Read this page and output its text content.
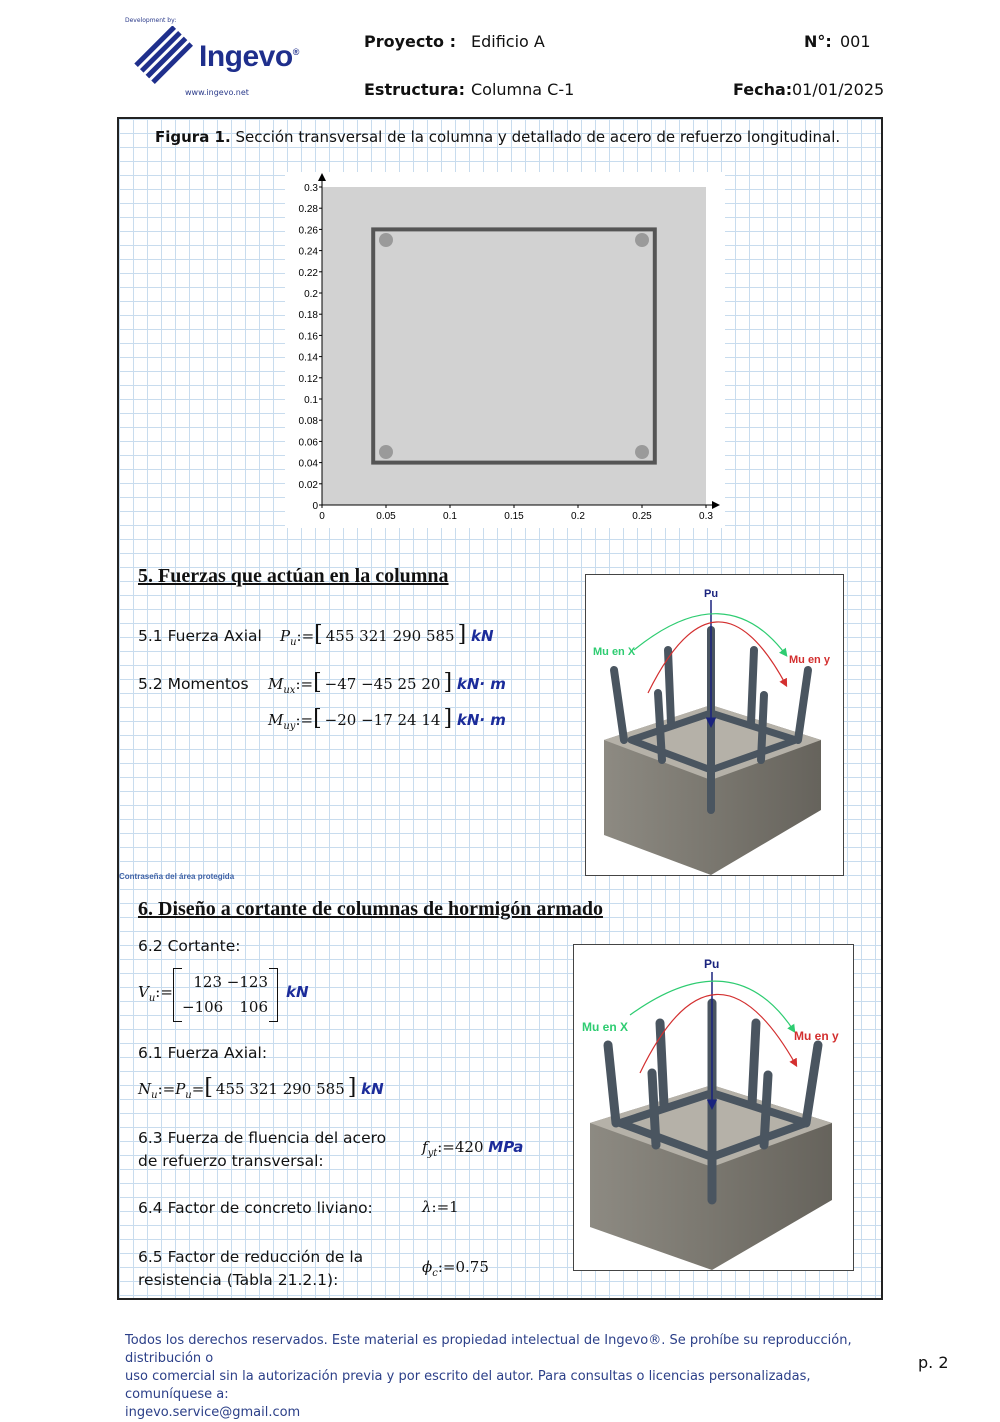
Development by:
Ingevo®
www.ingevo.net
Proyecto : Edificio A
Estructura: Columna C-1
N°: 001
Fecha: 01/01/2025
Figura 1. Sección transversal de la columna y detallado de acero de refuerzo longitudinal.
0	0.05	0.1	0.15	0.2	0.25	0.3
0
0.02
0.04
0.06
0.08
0.1
0.12
0.14
0.16
0.18
0.2
0.22
0.24
0.26
0.28
0.3
5. Fuerzas que actúan en la columna
5.1 Fuerza Axial $P_u:=$[ 455 321 290 585 ] kN
5.2 Momentos $M_{ux}:=[ -47 -45$ 25 20 ] kN· m
$M_{uy}:=[ -20 -17$ 24 14 ] kN· m
Pu
Mu en X
Mu en y
Contraseña del área protegida
6. Diseño a cortante de columnas de hormigón armado
6.2 Cortante:
$V_u:=$
123 −123
−106 106
kN
6.1 Fuerza Axial:
$N_u:=P_u=$[ 455 321 290 585 ] kN
6.3 Fuerza de fluencia del acero
de refuerzo transversal:
$f_{yt}:=420$ MPa
6.4 Factor de concreto liviano:	λ:=1
6.5 Factor de reducción de la
resistencia (Tabla 21.2.1):
$\phi_c:=0.75$
Pu
Mu en X
Mu en y
Todos los derechos reservados. Este material es propiedad intelectual de Ingevo®. Se prohíbe su reproducción, distribución o
uso comercial sin la autorización previa y por escrito del autor. Para consultas o licencias personalizadas, comuníquese a:
ingevo.service@gmail.com
p. 2
